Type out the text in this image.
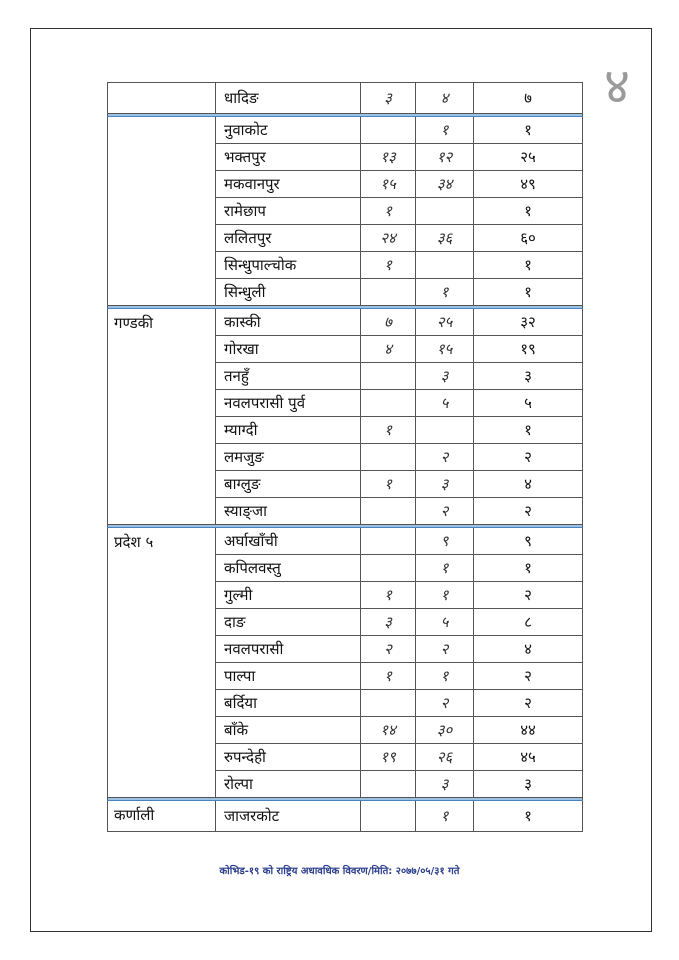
४
	धादिङ	३	४	७

	नुवाकोट		१	१
	भक्तपुर	१३	१२	२५
	मकवानपुर	१५	३४	४९
	रामेछाप	१		१
	ललितपुर	२४	३६	६०
	सिन्धुपाल्चोक	१		१
	सिन्धुली		१	१

गण्डकी	कास्की	७	२५	३२
	गोरखा	४	१५	१९
	तनहुँ		३	३
	नवलपरासी पुर्व		५	५
	म्याग्दी	१		१
	लमजुङ		२	२
	बाग्लुङ	१	३	४
	स्याङ्जा		२	२

प्रदेश ५	अर्घाखाँची		९	९
	कपिलवस्तु		१	१
	गुल्मी	१	१	२
	दाङ	३	५	८
	नवलपरासी	२	२	४
	पाल्पा	१	१	२
	बर्दिया		२	२
	बाँके	१४	३०	४४
	रुपन्देही	१९	२६	४५
	रोल्पा		३	३

कर्णाली	जाजरकोट		१	१
कोभिड-१९ को राष्ट्रिय अधावधिक विवरण/मिति: २०७७/०५/३१ गते
